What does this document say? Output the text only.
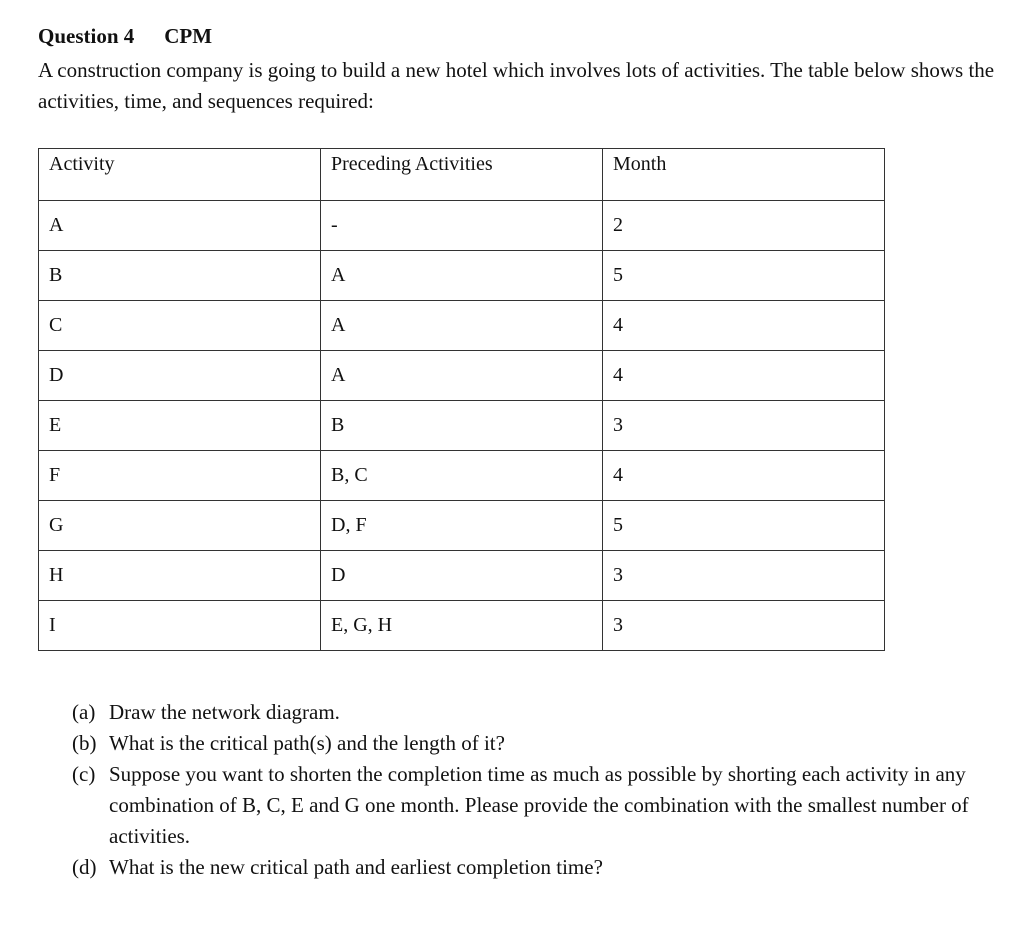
Question 4 CPM
A construction company is going to build a new hotel which involves lots of activities. The table below shows the activities, time, and sequences required:
Activity	Preceding Activities	Month
A	-	2
B	A	5
C	A	4
D	A	4
E	B	3
F	B, C	4
G	D, F	5
H	D	3
I	E, G, H	3
(a) Draw the network diagram.
(b) What is the critical path(s) and the length of it?
(c) Suppose you want to shorten the completion time as much as possible by shorting each activity in any combination of B, C, E and G one month. Please provide the combination with the smallest number of activities.
(d) What is the new critical path and earliest completion time?
